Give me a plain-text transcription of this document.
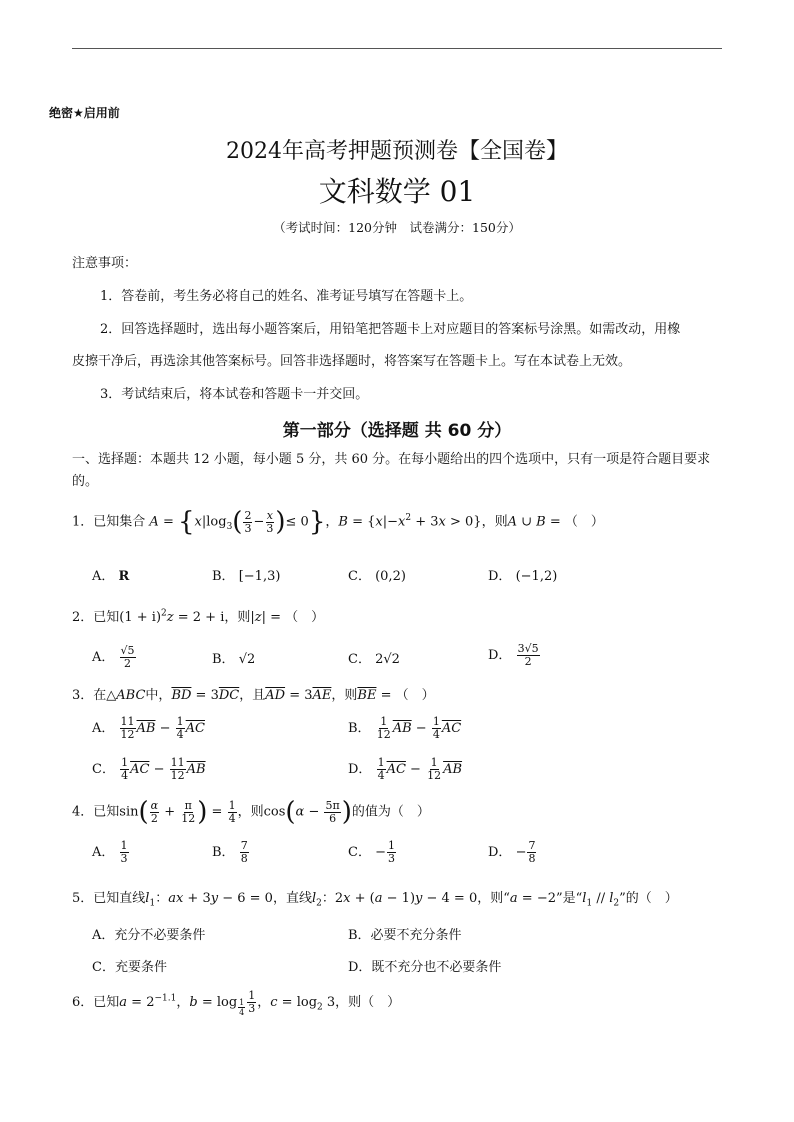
绝密★启用前
2024年高考押题预测卷【全国卷】
文科数学 01
（考试时间：120分钟　试卷满分：150分）
注意事项：
1．答卷前，考生务必将自己的姓名、准考证号填写在答题卡上。
2．回答选择题时，选出每小题答案后，用铅笔把答题卡上对应题目的答案标号涂黑。如需改动，用橡
皮擦干净后，再选涂其他答案标号。回答非选择题时，将答案写在答题卡上。写在本试卷上无效。
3．考试结束后，将本试卷和答题卡一并交回。
第一部分（选择题 共 60 分）
一、选择题：本题共 12 小题，每小题 5 分，共 60 分。在每小题给出的四个选项中，只有一项是符合题目要求的。
1．已知集合 $A = \{x|\log_3( \frac{2}{3} - \frac{x}{3}$ )≤ 0}，$B = \{x|-x^2 + 3x > 0\}$，则A ∪ B = （　）
A． R	B． [−1,3)	C． (0,2)	D． (−1,2)
2．已知$(1 + i)^2z = 2 + i$，则|z| = （　）
A． $\frac{√5}{2}$	B． √2	C． 2√2	D． $\frac{3√5}{2}$
3．在△ABC中，$\overline{BD} = 3\overline{DC}$，且$\overline{AD} = 3\overline{AE}$，则$\overline{BE}$ = （　）
A． $\frac{11}{12} \overline{AB} - \frac{1}{4} \overline{AC}$	B． $\frac{1}{12} \overline{AB} - \frac{1}{4} \overline{AC}$
C． $\frac{1}{4} \overline{AC} - \frac{11}{12} \overline{AB}$	D． $\frac{1}{4} \overline{AC} - \frac{1}{12} \overline{AB}$
4．已知$\sin( \frac{\alpha}{2} + \frac{\pi}{12}$ ) = $\frac{1}{4}$ ，则$\cos(\alpha - \frac{5\pi}{6}$ )的值为（　）
A． $\frac{1}{3}$	B． $\frac{7}{8}$	C． − $\frac{1}{3}$	D． − $\frac{7}{8}$
5．已知直线$l_1$：ax + 3y − 6 = 0，直线$l_2$：2x + (a − 1)y − 4 = 0，则“a = −2”是“$l_1 // l_2$”的（　）
A．充分不必要条件	B．必要不充分条件
C．充要条件	D．既不充分也不必要条件
6．已知$a = 2^{-1.1}$，$b = \log _{\frac{1}{4}} \frac{1}{3}$ ，$c = \log_2 3$，则（　）
